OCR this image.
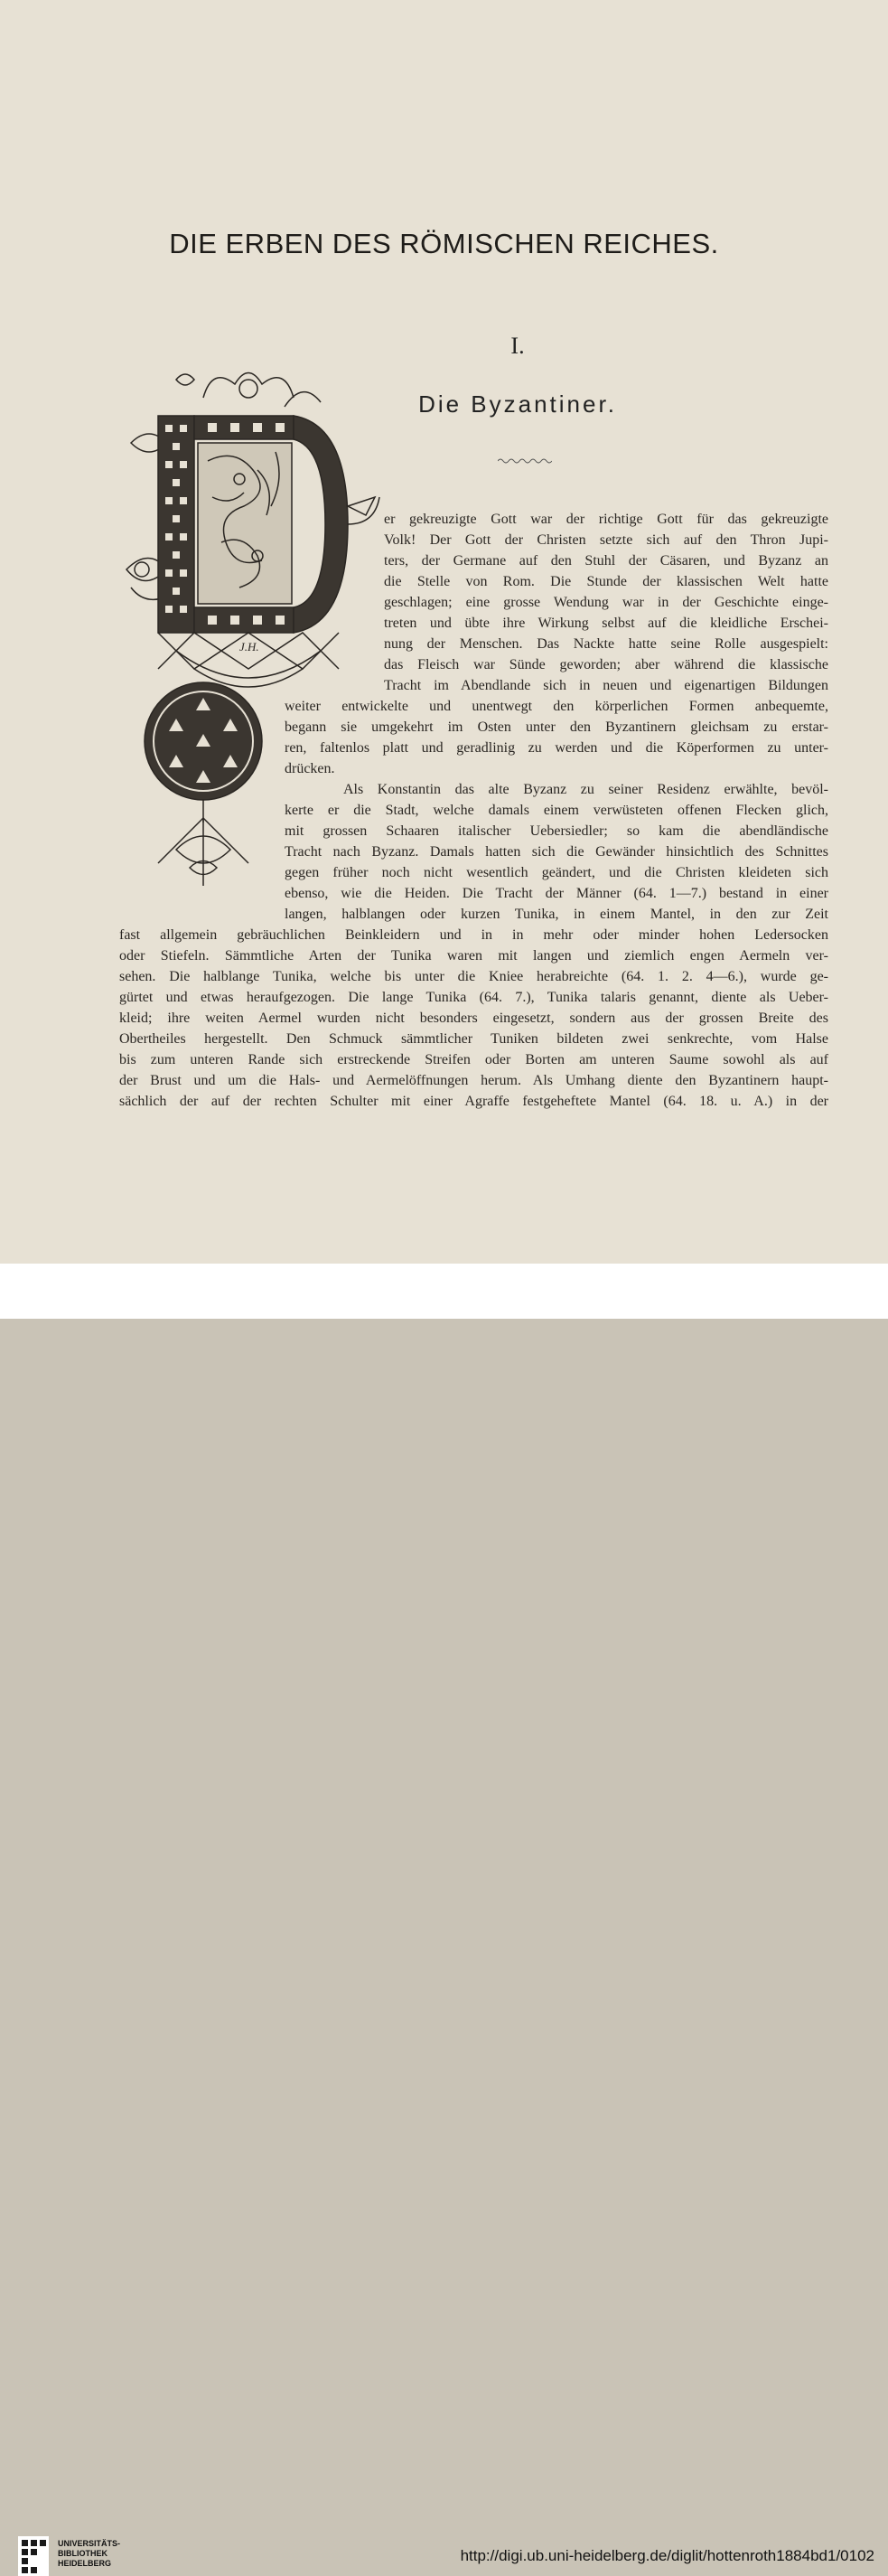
DIE ERBEN DES RÖMISCHEN REICHES.
I.
Die Byzantiner.
J.H.
er gekreuzigte Gott war der richtige Gott für das gekreuzigte
Volk! Der Gott der Christen setzte sich auf den Thron Jupi-
ters, der Germane auf den Stuhl der Cäsaren, und Byzanz an
die Stelle von Rom. Die Stunde der klassischen Welt hatte
geschlagen; eine grosse Wendung war in der Geschichte einge-
treten und übte ihre Wirkung selbst auf die kleidliche Erschei-
nung der Menschen. Das Nackte hatte seine Rolle ausgespielt:
das Fleisch war Sünde geworden; aber während die klassische
Tracht im Abendlande sich in neuen und eigenartigen Bildungen
weiter entwickelte und unentwegt den körperlichen Formen anbequemte,
begann sie umgekehrt im Osten unter den Byzantinern gleichsam zu erstar-
ren, faltenlos platt und geradlinig zu werden und die Köperformen zu unter-
drücken.
Als Konstantin das alte Byzanz zu seiner Residenz erwählte, bevöl-
kerte er die Stadt, welche damals einem verwüsteten offenen Flecken glich,
mit grossen Schaaren italischer Uebersiedler; so kam die abendländische
Tracht nach Byzanz. Damals hatten sich die Gewänder hinsichtlich des Schnittes
gegen früher noch nicht wesentlich geändert, und die Christen kleideten sich
ebenso, wie die Heiden. Die Tracht der Männer (64. 1—7.) bestand in einer
langen, halblangen oder kurzen Tunika, in einem Mantel, in den zur Zeit
fast allgemein gebräuchlichen Beinkleidern und in in mehr oder minder hohen Ledersocken
oder Stiefeln. Sämmtliche Arten der Tunika waren mit langen und ziemlich engen Aermeln ver-
sehen. Die halblange Tunika, welche bis unter die Kniee herabreichte (64. 1. 2. 4—6.), wurde ge-
gürtet und etwas heraufgezogen. Die lange Tunika (64. 7.), Tunika talaris genannt, diente als Ueber-
kleid; ihre weiten Aermel wurden nicht besonders eingesetzt, sondern aus der grossen Breite des
Obertheiles hergestellt. Den Schmuck sämmtlicher Tuniken bildeten zwei senkrechte, vom Halse
bis zum unteren Rande sich erstreckende Streifen oder Borten am unteren Saume sowohl als auf
der Brust und um die Hals- und Aermelöffnungen herum. Als Umhang diente den Byzantinern haupt-
sächlich der auf der rechten Schulter mit einer Agraffe festgeheftete Mantel (64. 18. u. A.) in der
UNIVERSITÄTS-
BIBLIOTHEK
HEIDELBERG	http://digi.ub.uni-heidelberg.de/diglit/hottenroth1884bd1/0102
